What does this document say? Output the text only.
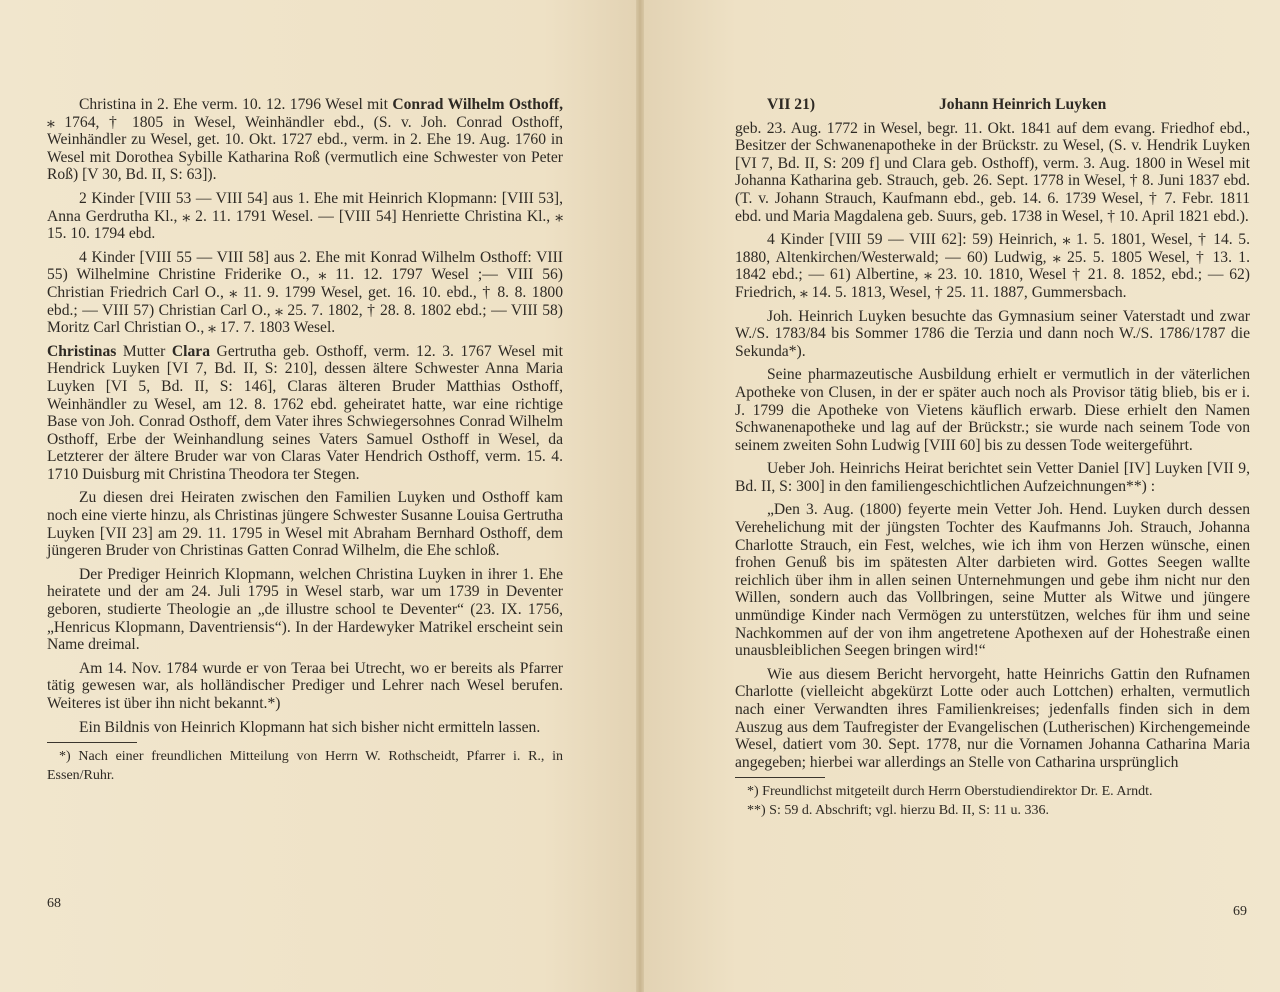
Christina in 2. Ehe verm. 10. 12. 1796 Wesel mit Conrad Wilhelm Osthoff, ⁎ 1764, † 1805 in Wesel, Weinhändler ebd., (S. v. Joh. Conrad Osthoff, Weinhändler zu Wesel, get. 10. Okt. 1727 ebd., verm. in 2. Ehe 19. Aug. 1760 in Wesel mit Dorothea Sybille Katharina Roß (vermutlich eine Schwester von Peter Roß) [V 30, Bd. II, S: 63]).

2 Kinder [VIII 53 — VIII 54] aus 1. Ehe mit Heinrich Klopmann: [VIII 53], Anna Gerdrutha Kl., ⁎ 2. 11. 1791 Wesel. — [VIII 54] Henriette Christina Kl., ⁎ 15. 10. 1794 ebd.

4 Kinder [VIII 55 — VIII 58] aus 2. Ehe mit Konrad Wilhelm Osthoff: VIII 55) Wilhelmine Christine Friderike O., ⁎ 11. 12. 1797 Wesel ;— VIII 56) Christian Friedrich Carl O., ⁎ 11. 9. 1799 Wesel, get. 16. 10. ebd., † 8. 8. 1800 ebd.; — VIII 57) Christian Carl O., ⁎ 25. 7. 1802, † 28. 8. 1802 ebd.; — VIII 58) Moritz Carl Christian O., ⁎ 17. 7. 1803 Wesel.

Christinas Mutter Clara Gertrutha geb. Osthoff, verm. 12. 3. 1767 Wesel mit Hendrick Luyken [VI 7, Bd. II, S: 210], dessen ältere Schwester Anna Maria Luyken [VI 5, Bd. II, S: 146], Claras älteren Bruder Matthias Osthoff, Weinhändler zu Wesel, am 12. 8. 1762 ebd. geheiratet hatte, war eine richtige Base von Joh. Conrad Osthoff, dem Vater ihres Schwiegersohnes Conrad Wilhelm Osthoff, Erbe der Weinhandlung seines Vaters Samuel Osthoff in Wesel, da Letzterer der ältere Bruder war von Claras Vater Hendrich Osthoff, verm. 15. 4. 1710 Duisburg mit Christina Theodora ter Stegen.

Zu diesen drei Heiraten zwischen den Familien Luyken und Osthoff kam noch eine vierte hinzu, als Christinas jüngere Schwester Susanne Louisa Gertrutha Luyken [VII 23] am 29. 11. 1795 in Wesel mit Abraham Bernhard Osthoff, dem jüngeren Bruder von Christinas Gatten Conrad Wilhelm, die Ehe schloß.

Der Prediger Heinrich Klopmann, welchen Christina Luyken in ihrer 1. Ehe heiratete und der am 24. Juli 1795 in Wesel starb, war um 1739 in Deventer geboren, studierte Theologie an „de illustre school te Deventer“ (23. IX. 1756, „Henricus Klopmann, Daventriensis“). In der Hardewyker Matrikel erscheint sein Name dreimal.

Am 14. Nov. 1784 wurde er von Teraa bei Utrecht, wo er bereits als Pfarrer tätig gewesen war, als holländischer Prediger und Lehrer nach Wesel berufen. Weiteres ist über ihn nicht bekannt.*)

Ein Bildnis von Heinrich Klopmann hat sich bisher nicht ermitteln lassen.

*) Nach einer freundlichen Mitteilung von Herrn W. Rothscheidt, Pfarrer i. R., in Essen/Ruhr.

68

VII 21)	Johann Heinrich Luyken

geb. 23. Aug. 1772 in Wesel, begr. 11. Okt. 1841 auf dem evang. Friedhof ebd., Besitzer der Schwanenapotheke in der Brückstr. zu Wesel, (S. v. Hendrik Luyken [VI 7, Bd. II, S: 209 f] und Clara geb. Osthoff), verm. 3. Aug. 1800 in Wesel mit Johanna Katharina geb. Strauch, geb. 26. Sept. 1778 in Wesel, † 8. Juni 1837 ebd. (T. v. Johann Strauch, Kaufmann ebd., geb. 14. 6. 1739 Wesel, † 7. Febr. 1811 ebd. und Maria Magdalena geb. Suurs, geb. 1738 in Wesel, † 10. April 1821 ebd.).

4 Kinder [VIII 59 — VIII 62]: 59) Heinrich, ⁎ 1. 5. 1801, Wesel, † 14. 5. 1880, Altenkirchen/Westerwald; — 60) Ludwig, ⁎ 25. 5. 1805 Wesel, † 13. 1. 1842 ebd.; — 61) Albertine, ⁎ 23. 10. 1810, Wesel † 21. 8. 1852, ebd.; — 62) Friedrich, ⁎ 14. 5. 1813, Wesel, † 25. 11. 1887, Gummersbach.

Joh. Heinrich Luyken besuchte das Gymnasium seiner Vaterstadt und zwar W./S. 1783/84 bis Sommer 1786 die Terzia und dann noch W./S. 1786/1787 die Sekunda*).

Seine pharmazeutische Ausbildung erhielt er vermutlich in der väterlichen Apotheke von Clusen, in der er später auch noch als Provisor tätig blieb, bis er i. J. 1799 die Apotheke von Vietens käuflich erwarb. Diese erhielt den Namen Schwanenapotheke und lag auf der Brückstr.; sie wurde nach seinem Tode von seinem zweiten Sohn Ludwig [VIII 60] bis zu dessen Tode weitergeführt.

Ueber Joh. Heinrichs Heirat berichtet sein Vetter Daniel [IV] Luyken [VII 9, Bd. II, S: 300] in den familiengeschichtlichen Aufzeichnungen**) :

„Den 3. Aug. (1800) feyerte mein Vetter Joh. Hend. Luyken durch dessen Verehelichung mit der jüngsten Tochter des Kaufmanns Joh. Strauch, Johanna Charlotte Strauch, ein Fest, welches, wie ich ihm von Herzen wünsche, einen frohen Genuß bis im spätesten Alter darbieten wird. Gottes Seegen wallte reichlich über ihm in allen seinen Unternehmungen und gebe ihm nicht nur den Willen, sondern auch das Vollbringen, seine Mutter als Witwe und jüngere unmündige Kinder nach Vermögen zu unterstützen, welches für ihm und seine Nachkommen auf der von ihm angetretene Apothexen auf der Hohestraße einen unausbleiblichen Seegen bringen wird!“

Wie aus diesem Bericht hervorgeht, hatte Heinrichs Gattin den Rufnamen Charlotte (vielleicht abgekürzt Lotte oder auch Lottchen) erhalten, vermutlich nach einer Verwandten ihres Familienkreises; jedenfalls finden sich in dem Auszug aus dem Taufregister der Evangelischen (Lutherischen) Kirchengemeinde Wesel, datiert vom 30. Sept. 1778, nur die Vornamen Johanna Catharina Maria angegeben; hierbei war allerdings an Stelle von Catharina ursprünglich

*) Freundlichst mitgeteilt durch Herrn Oberstudiendirektor Dr. E. Arndt.

**) S: 59 d. Abschrift; vgl. hierzu Bd. II, S: 11 u. 336.

69
